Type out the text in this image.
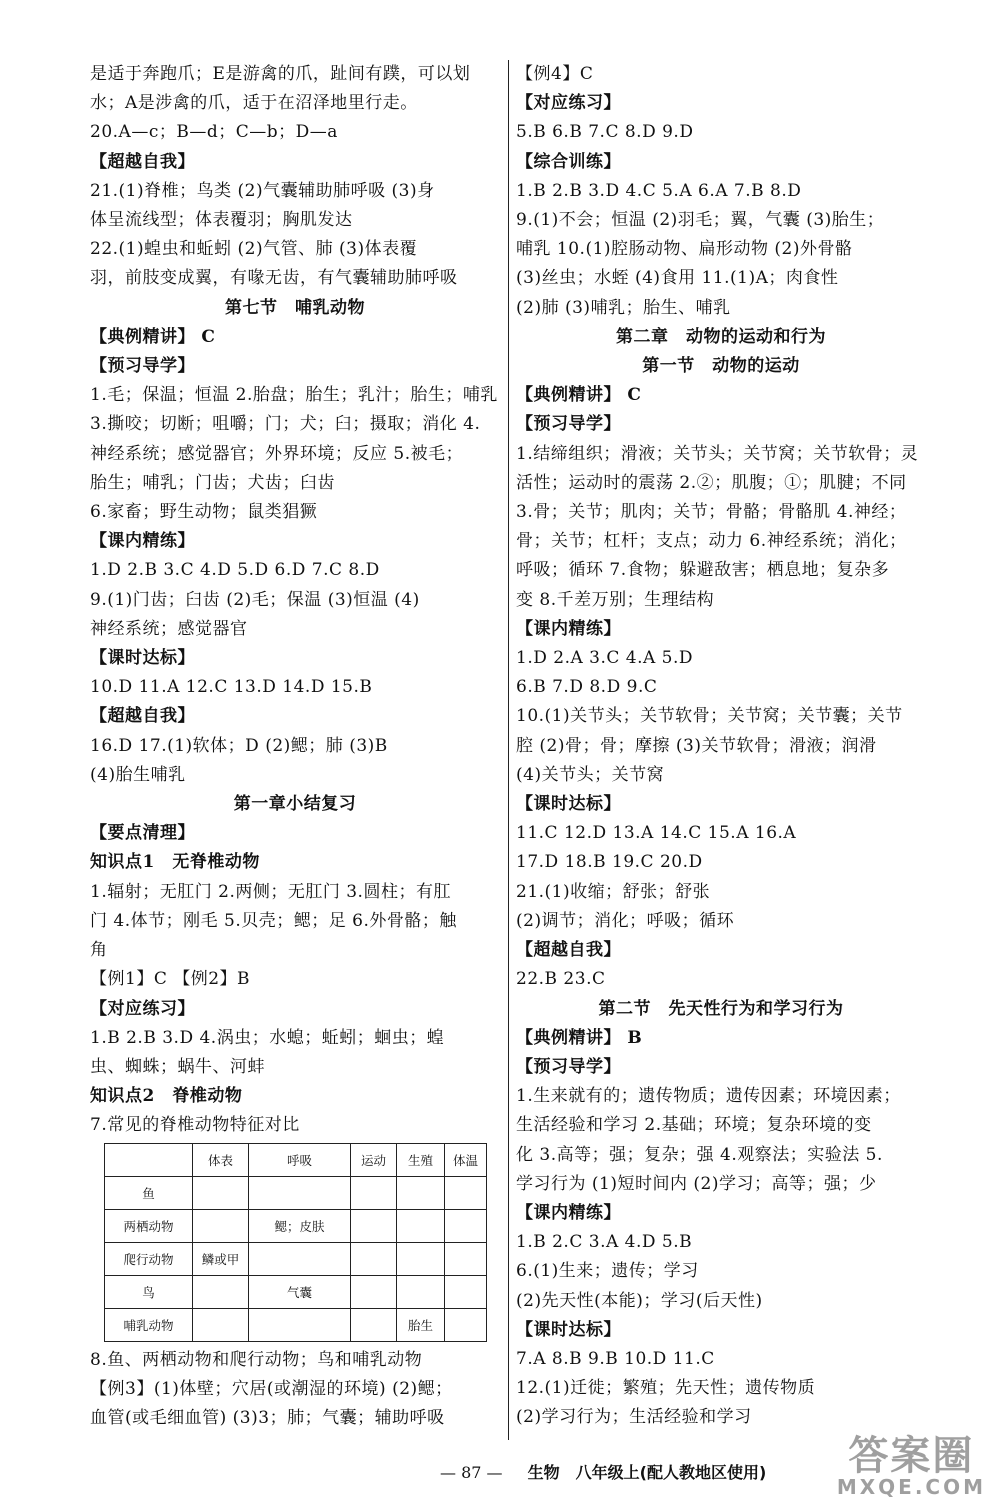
是适于奔跑爪；E是游禽的爪，趾间有蹼，可以划
水；A是涉禽的爪，适于在沼泽地里行走。
20.A—c；B—d；C—b；D—a
【超越自我】
21.(1)脊椎；鸟类 (2)气囊辅助肺呼吸 (3)身
体呈流线型；体表覆羽；胸肌发达
22.(1)蝗虫和蚯蚓 (2)气管、肺 (3)体表覆
羽，前肢变成翼，有喙无齿，有气囊辅助肺呼吸
第七节　哺乳动物
【典例精讲】 C
【预习导学】
1.毛；保温；恒温 2.胎盘；胎生；乳汁；胎生；哺乳
3.撕咬；切断；咀嚼；门；犬；臼；摄取；消化 4.
神经系统；感觉器官；外界环境；反应 5.被毛；
胎生；哺乳；门齿；犬齿；臼齿
6.家畜；野生动物；鼠类猖獗
【课内精练】
1.D 2.B 3.C 4.D 5.D 6.D 7.C 8.D
9.(1)门齿；臼齿 (2)毛；保温 (3)恒温 (4)
神经系统；感觉器官
【课时达标】
10.D 11.A 12.C 13.D 14.D 15.B
【超越自我】
16.D 17.(1)软体；D (2)鳃；肺 (3)B
(4)胎生哺乳
第一章小结复习
【要点清理】
知识点1　无脊椎动物
1.辐射；无肛门 2.两侧；无肛门 3.圆柱；有肛
门 4.体节；刚毛 5.贝壳；鳃；足 6.外骨骼；触
角
【例1】C 【例2】B
【对应练习】
1.B 2.B 3.D 4.涡虫；水螅；蚯蚓；蛔虫；蝗
虫、蜘蛛；蜗牛、河蚌
知识点2　脊椎动物
7.常见的脊椎动物特征对比
	体表	呼吸	运动	生殖	体温
鱼					
两栖动物		鳃；皮肤			
爬行动物	鳞或甲				
鸟		气囊			
哺乳动物				胎生	
8.鱼、两栖动物和爬行动物；鸟和哺乳动物
【例3】(1)体壁；穴居(或潮湿的环境) (2)鳃；
血管(或毛细血管) (3)3；肺；气囊；辅助呼吸
【例4】C
【对应练习】
5.B 6.B 7.C 8.D 9.D
【综合训练】
1.B 2.B 3.D 4.C 5.A 6.A 7.B 8.D
9.(1)不会；恒温 (2)羽毛；翼，气囊 (3)胎生；
哺乳 10.(1)腔肠动物、扁形动物 (2)外骨骼
(3)丝虫；水蛭 (4)食用 11.(1)A；肉食性
(2)肺 (3)哺乳；胎生、哺乳
第二章　动物的运动和行为
第一节　动物的运动
【典例精讲】 C
【预习导学】
1.结缔组织；滑液；关节头；关节窝；关节软骨；灵
活性；运动时的震荡 2.②；肌腹；①；肌腱；不同
3.骨；关节；肌肉；关节；骨骼；骨骼肌 4.神经；
骨；关节；杠杆；支点；动力 6.神经系统；消化；
呼吸；循环 7.食物；躲避敌害；栖息地；复杂多
变 8.千差万别；生理结构
【课内精练】
1.D 2.A 3.C 4.A 5.D
6.B 7.D 8.D 9.C
10.(1)关节头；关节软骨；关节窝；关节囊；关节
腔 (2)骨；骨；摩擦 (3)关节软骨；滑液；润滑
(4)关节头；关节窝
【课时达标】
11.C 12.D 13.A 14.C 15.A 16.A
17.D 18.B 19.C 20.D
21.(1)收缩；舒张；舒张
(2)调节；消化；呼吸；循环
【超越自我】
22.B 23.C
第二节　先天性行为和学习行为
【典例精讲】 B
【预习导学】
1.生来就有的；遗传物质；遗传因素；环境因素；
生活经验和学习 2.基础；环境；复杂环境的变
化 3.高等；强；复杂；强 4.观察法；实验法 5.
学习行为 (1)短时间内 (2)学习；高等；强；少
【课内精练】
1.B 2.C 3.A 4.D 5.B
6.(1)生来；遗传；学习
(2)先天性(本能)；学习(后天性)
【课时达标】
7.A 8.B 9.B 10.D 11.C
12.(1)迁徙；繁殖；先天性；遗传物质
(2)学习行为；生活经验和学习
— 87 — 生物　八年级上(配人教地区使用) 答案圈
MXQE.COM
